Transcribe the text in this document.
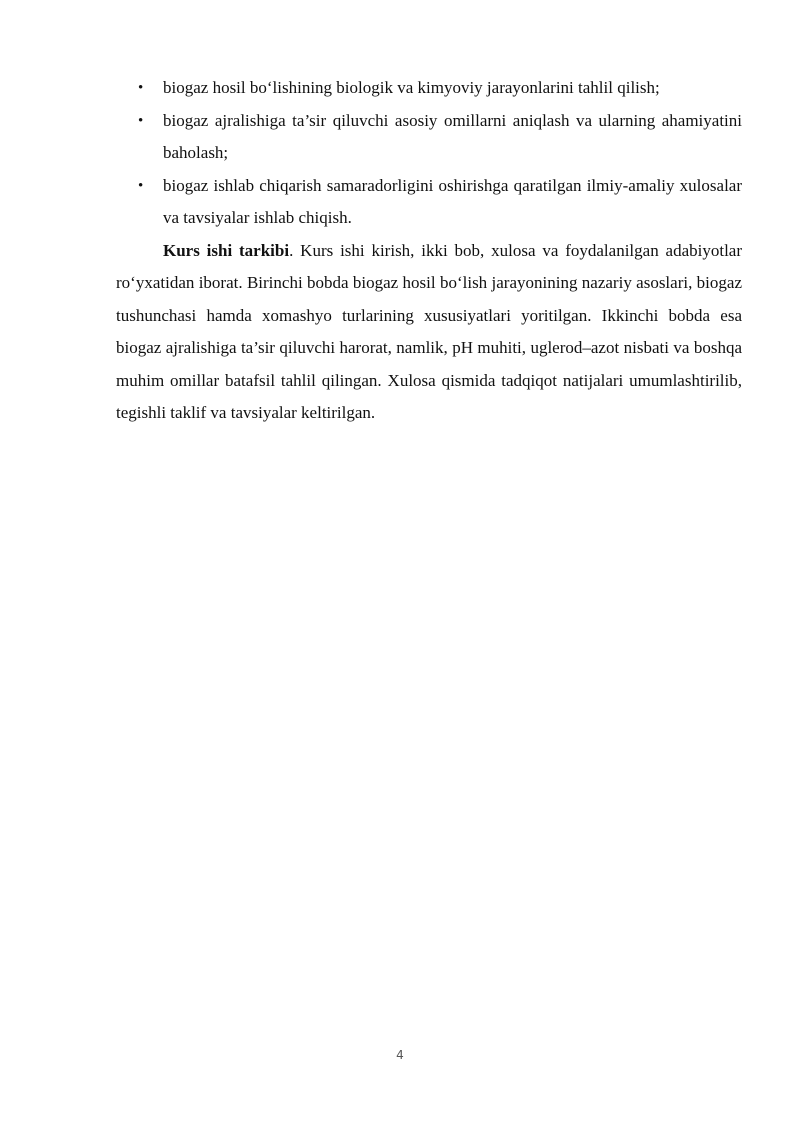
• biogaz hosil bo‘lishining biologik va kimyoviy jarayonlarini tahlil qilish;
• biogaz ajralishiga ta’sir qiluvchi asosiy omillarni aniqlash va ularning ahamiyatini baholash;
• biogaz ishlab chiqarish samaradorligini oshirishga qaratilgan ilmiy-amaliy xulosalar va tavsiyalar ishlab chiqish.

Kurs ishi tarkibi. Kurs ishi kirish, ikki bob, xulosa va foydalanilgan adabiyotlar ro‘yxatidan iborat. Birinchi bobda biogaz hosil bo‘lish jarayonining nazariy asoslari, biogaz tushunchasi hamda xomashyo turlarining xususiyatlari yoritilgan. Ikkinchi bobda esa biogaz ajralishiga ta’sir qiluvchi harorat, namlik, pH muhiti, uglerod–azot nisbati va boshqa muhim omillar batafsil tahlil qilingan. Xulosa qismida tadqiqot natijalari umumlashtirilib, tegishli taklif va tavsiyalar keltirilgan.

4
